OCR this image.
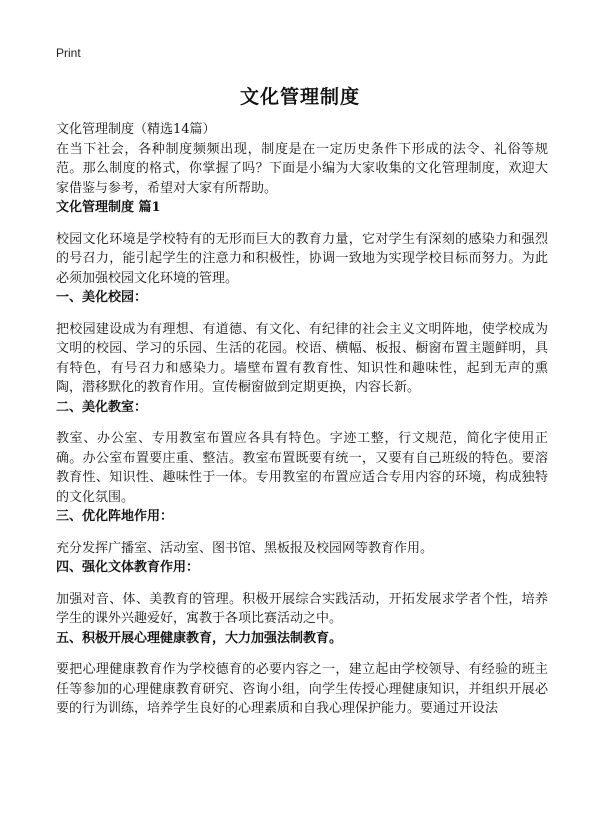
Print
文化管理制度

文化管理制度（精选14篇）

在当下社会，各种制度频频出现，制度是在一定历史条件下形成的法令、礼俗等规范。那么制度的格式，你掌握了吗？下面是小编为大家收集的文化管理制度，欢迎大家借鉴与参考，希望对大家有所帮助。

文化管理制度 篇1

校园文化环境是学校特有的无形而巨大的教育力量，它对学生有深刻的感染力和强烈的号召力，能引起学生的注意力和积极性，协调一致地为实现学校目标而努力。为此必须加强校园文化环境的管理。

一、美化校园：

把校园建设成为有理想、有道德、有文化、有纪律的社会主义文明阵地，使学校成为文明的校园、学习的乐园、生活的花园。校语、横幅、板报、橱窗布置主题鲜明，具有特色，有号召力和感染力。墙壁布置有教育性、知识性和趣味性，起到无声的熏陶，潜移默化的教育作用。宣传橱窗做到定期更换，内容长新。

二、美化教室：

教室、办公室、专用教室布置应各具有特色。字迹工整，行文规范，简化字使用正确。办公室布置要庄重、整洁。教室布置既要有统一，又要有自己班级的特色。要溶教育性、知识性、趣味性于一体。专用教室的布置应适合专用内容的环境，构成独特的文化氛围。

三、优化阵地作用：

充分发挥广播室、活动室、图书馆、黑板报及校园网等教育作用。

四、强化文体教育作用：

加强对音、体、美教育的管理。积极开展综合实践活动，开拓发展求学者个性，培养学生的课外兴趣爱好，寓教于各项比赛活动之中。

五、积极开展心理健康教育，大力加强法制教育。

要把心理健康教育作为学校德育的必要内容之一，建立起由学校领导、有经验的班主任等参加的心理健康教育研究、咨询小组，向学生传授心理健康知识，并组织开展必要的行为训练，培养学生良好的心理素质和自我心理保护能力。要通过开设法
